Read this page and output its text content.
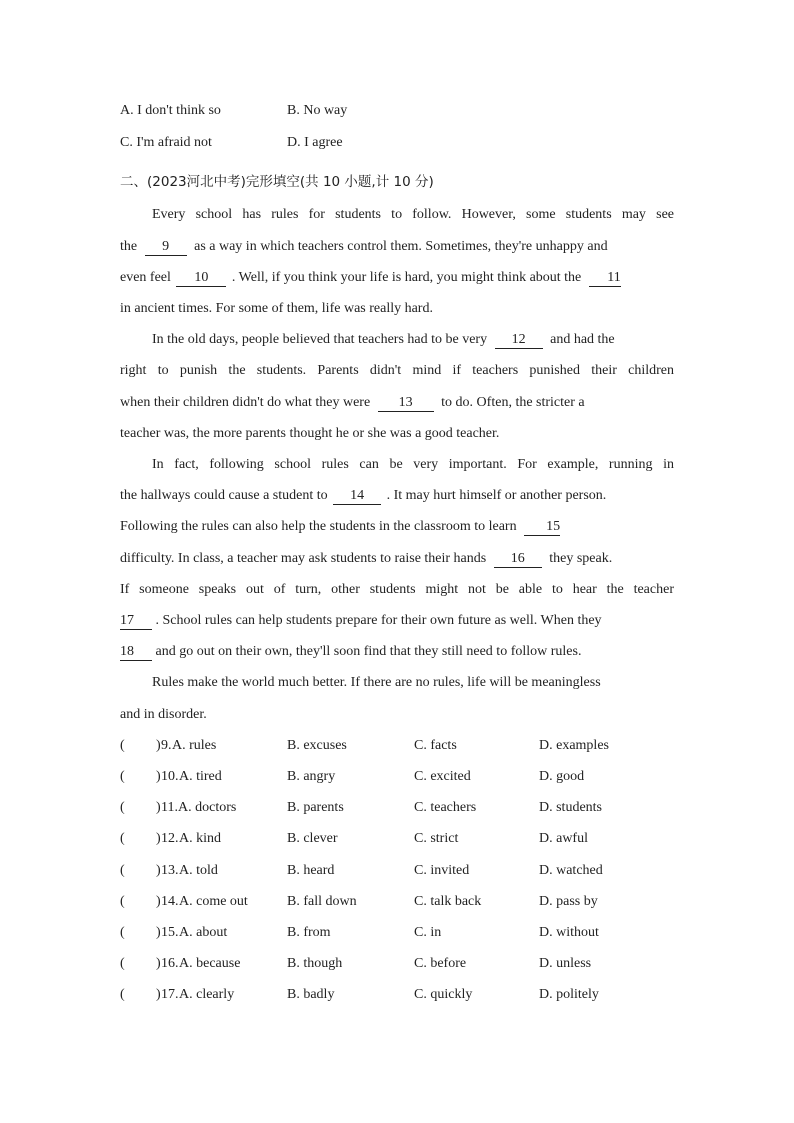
A. I don't think so	B. No way
C. I'm afraid not	D. I agree
二、(2023河北中考)完形填空(共 10 小题,计 10 分)
Every school has rules for students to follow. However, some students may see
the 9 as a way in which teachers control them. Sometimes, they're unhappy and
even feel 10 . Well, if you think your life is hard, you might think about the 11
in ancient times. For some of them, life was really hard.
In the old days, people believed that teachers had to be very 12 and had the
right to punish the students. Parents didn't mind if teachers punished their children
when their children didn't do what they were 13 to do. Often, the stricter a
teacher was, the more parents thought he or she was a good teacher.
In fact, following school rules can be very important. For example, running in
the hallways could cause a student to 14 . It may hurt himself or another person.
Following the rules can also help the students in the classroom to learn 15
difficulty. In class, a teacher may ask students to raise their hands 16 they speak.
If someone speaks out of turn, other students might not be able to hear the teacher
17 . School rules can help students prepare for their own future as well. When they
18 and go out on their own, they'll soon find that they still need to follow rules.
Rules make the world much better. If there are no rules, life will be meaningless
and in disorder.
( ) 9. A. rules	B. excuses	C. facts	D. examples
( ) 10. A. tired	B. angry	C. excited	D. good
( ) 11. A. doctors	B. parents	C. teachers	D. students
( ) 12. A. kind	B. clever	C. strict	D. awful
( ) 13. A. told	B. heard	C. invited	D. watched
( ) 14. A. come out	B. fall down	C. talk back	D. pass by
( ) 15. A. about	B. from	C. in	D. without
( ) 16. A. because	B. though	C. before	D. unless
( ) 17. A. clearly	B. badly	C. quickly	D. politely
